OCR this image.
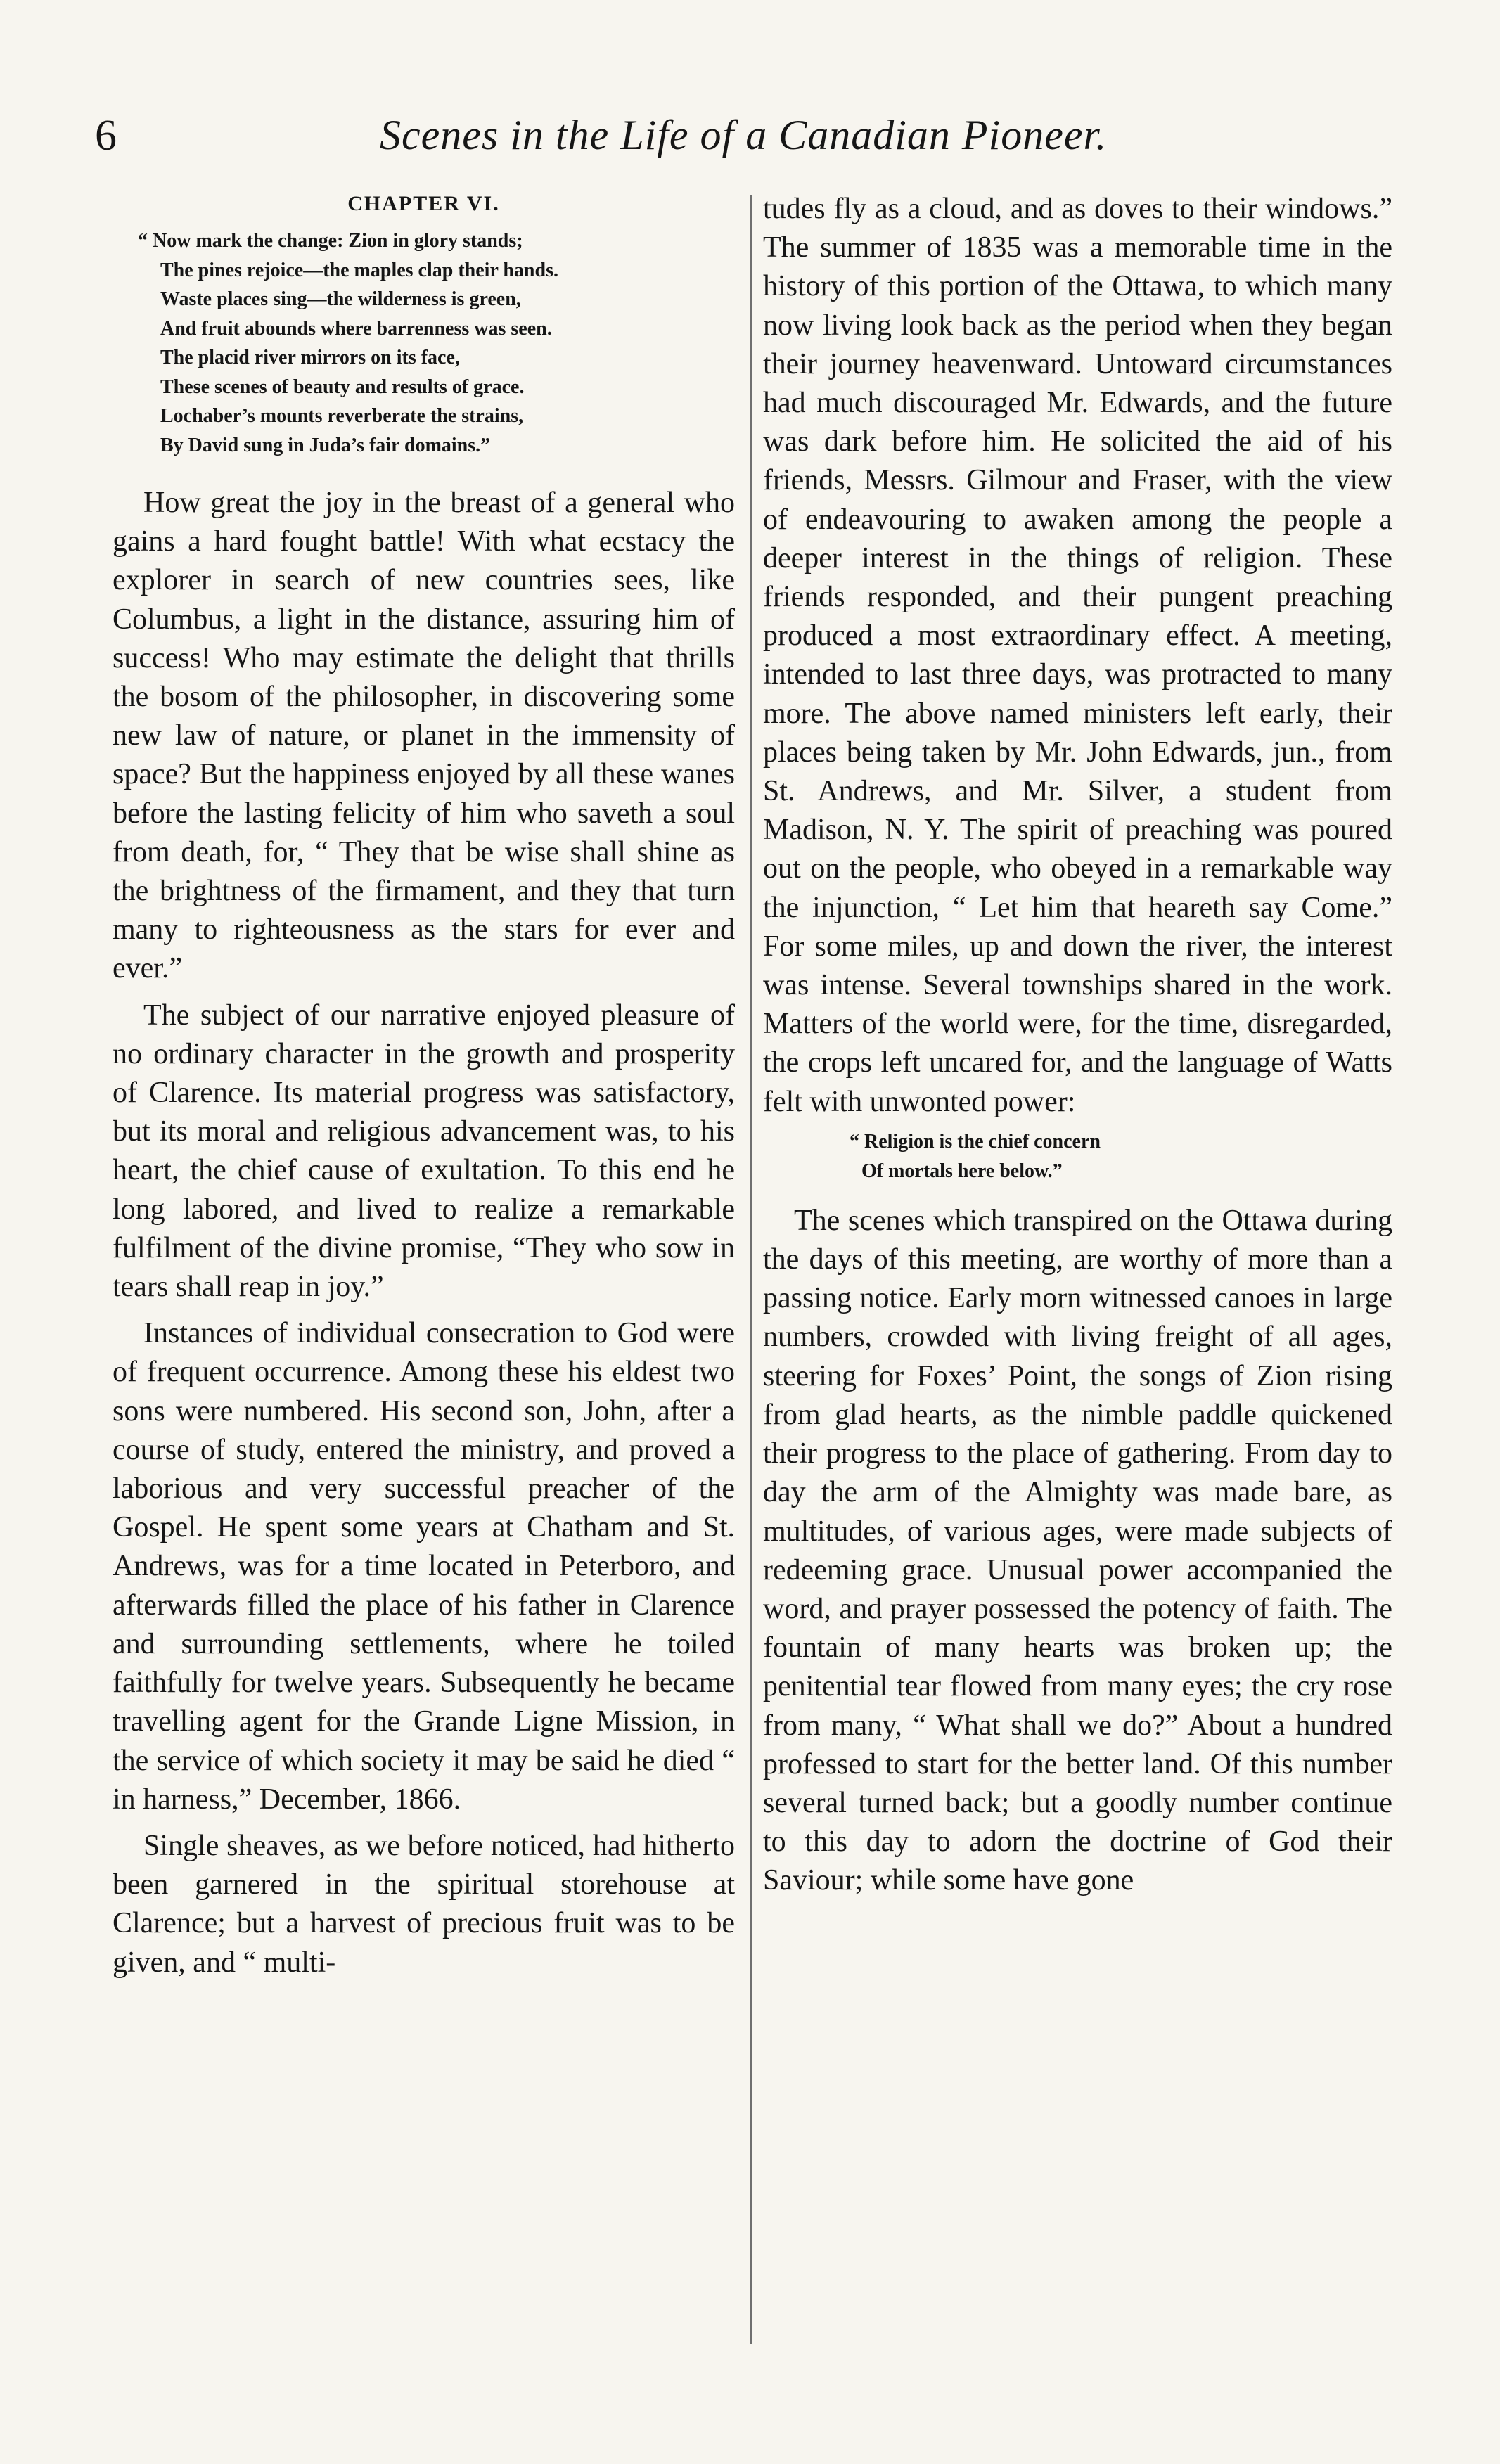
6	Scenes in the Life of a Canadian Pioneer.
CHAPTER VI.
“ Now mark the change: Zion in glory stands;
The pines rejoice—the maples clap their hands.
Waste places sing—the wilderness is green,
And fruit abounds where barrenness was seen.
The placid river mirrors on its face,
These scenes of beauty and results of grace.
Lochaber’s mounts reverberate the strains,
By David sung in Juda’s fair domains.”

How great the joy in the breast of a general who gains a hard fought battle! With what ecstacy the explorer in search of new countries sees, like Columbus, a light in the distance, assuring him of success! Who may estimate the delight that thrills the bosom of the philosopher, in discovering some new law of nature, or planet in the immensity of space? But the happiness enjoyed by all these wanes before the lasting felicity of him who saveth a soul from death, for, “ They that be wise shall shine as the brightness of the firmament, and they that turn many to righteousness as the stars for ever and ever.”

The subject of our narrative enjoyed pleasure of no ordinary character in the growth and prosperity of Clarence. Its material progress was satisfactory, but its moral and religious advancement was, to his heart, the chief cause of exultation. To this end he long labored, and lived to realize a remarkable fulfilment of the divine promise, “They who sow in tears shall reap in joy.”

Instances of individual consecration to God were of frequent occurrence. Among these his eldest two sons were numbered. His second son, John, after a course of study, entered the ministry, and proved a laborious and very successful preacher of the Gospel. He spent some years at Chatham and St. Andrews, was for a time located in Peterboro, and afterwards filled the place of his father in Clarence and surrounding settlements, where he toiled faithfully for twelve years. Subsequently he became travelling agent for the Grande Ligne Mission, in the service of which society it may be said he died “ in harness,” December, 1866.

Single sheaves, as we before noticed, had hitherto been garnered in the spiritual storehouse at Clarence; but a harvest of precious fruit was to be given, and “ multi-

tudes fly as a cloud, and as doves to their windows.” The summer of 1835 was a memorable time in the history of this portion of the Ottawa, to which many now living look back as the period when they began their journey heavenward. Untoward circumstances had much discouraged Mr. Edwards, and the future was dark before him. He solicited the aid of his friends, Messrs. Gilmour and Fraser, with the view of endeavouring to awaken among the people a deeper interest in the things of religion. These friends responded, and their pungent preaching produced a most extraordinary effect. A meeting, intended to last three days, was protracted to many more. The above named ministers left early, their places being taken by Mr. John Edwards, jun., from St. Andrews, and Mr. Silver, a student from Madison, N. Y. The spirit of preaching was poured out on the people, who obeyed in a remarkable way the injunction, “ Let him that heareth say Come.” For some miles, up and down the river, the interest was intense. Several townships shared in the work. Matters of the world were, for the time, disregarded, the crops left uncared for, and the language of Watts felt with unwonted power:

“ Religion is the chief concern
Of mortals here below.”

The scenes which transpired on the Ottawa during the days of this meeting, are worthy of more than a passing notice. Early morn witnessed canoes in large numbers, crowded with living freight of all ages, steering for Foxes’ Point, the songs of Zion rising from glad hearts, as the nimble paddle quickened their progress to the place of gathering. From day to day the arm of the Almighty was made bare, as multitudes, of various ages, were made subjects of redeeming grace. Unusual power accompanied the word, and prayer possessed the potency of faith. The fountain of many hearts was broken up; the penitential tear flowed from many eyes; the cry rose from many, “ What shall we do?” About a hundred professed to start for the better land. Of this number several turned back; but a goodly number continue to this day to adorn the doctrine of God their Saviour; while some have gone
